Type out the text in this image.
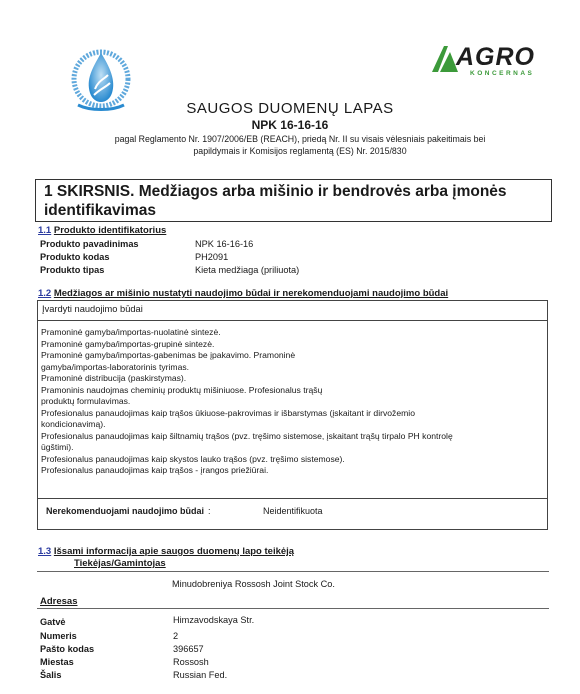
AGRO
KONCERNAS
SAUGOS DUOMENŲ LAPAS
NPK 16-16-16
pagal Reglamento Nr. 1907/2006/EB (REACH), priedą Nr. II su visais vėlesniais pakeitimais bei
papildymais ir Komisijos reglamentą (ES) Nr. 2015/830
1 SKIRSNIS. Medžiagos arba mišinio ir bendrovės arba įmonės identifikavimas
1.1 Produkto identifikatorius
Produkto pavadinimas	NPK 16-16-16
Produkto kodas	PH2091
Produkto tipas	Kieta medžiaga (priliuota)
1.2 Medžiagos ar mišinio nustatyti naudojimo būdai ir nerekomenduojami naudojimo būdai
Įvardyti naudojimo būdai
Pramoninė gamyba/importas-nuolatinė sintezė.
Pramoninė gamyba/importas-grupinė sintezė.
Pramoninė gamyba/importas-gabenimas be įpakavimo. Pramoninė
gamyba/importas-laboratorinis tyrimas.
Pramoninė distribucija (paskirstymas).
Pramoninis naudojmas cheminių produktų mišiniuose. Profesionalus trąšų
produktų formulavimas.
Profesionalus panaudojimas kaip trąšos ūkiuose-pakrovimas ir išbarstymas (įskaitant ir dirvožemio
kondicionavimą).
Profesionalus panaudojimas kaip šiltnamių trąšos (pvz. tręšimo sistemose, įskaitant trąšų tirpalo PH kontrolę
ūgštimi).
Profesionalus panaudojimas kaip skystos lauko trąšos (pvz. tręšimo sistemose).
Profesionalus panaudojimas kaip trąšos - įrangos priežiūrai.
Nerekomenduojami naudojimo būdai :	Neidentifikuota
1.3 Išsami informacija apie saugos duomenų lapo teikėją
Tiekėjas/Gamintojas
Minudobreniya Rossosh Joint Stock Co.
Adresas
Gatvė	Himzavodskaya Str.
Numeris	2
Pašto kodas	396657
Miestas	Rossosh
Šalis	Russian Fed.
